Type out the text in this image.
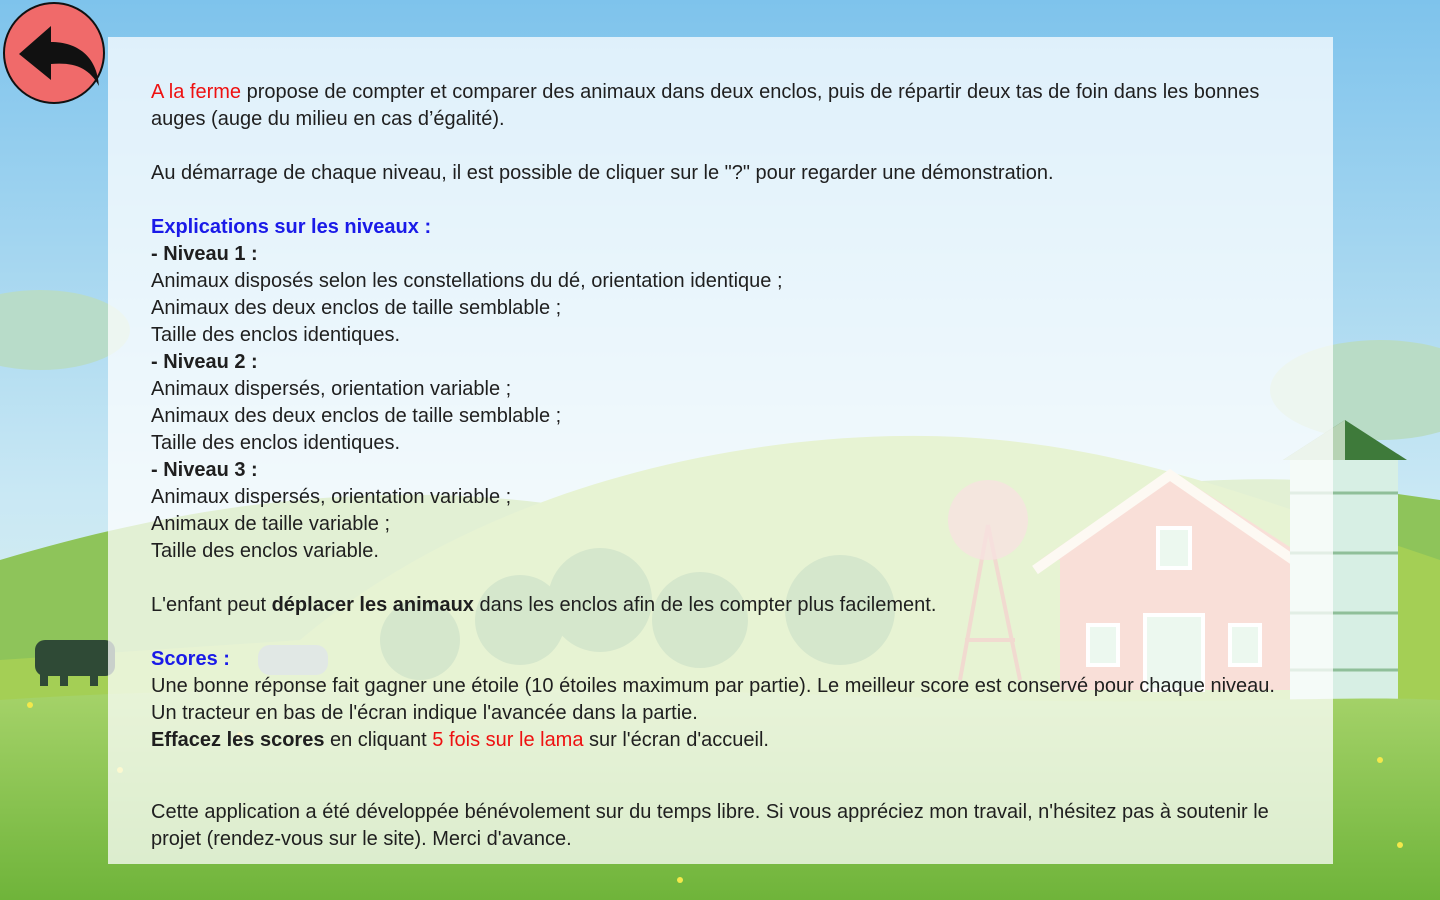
A la ferme propose de compter et comparer des animaux dans deux enclos, puis de répartir deux tas de foin dans les bonnes auges (auge du milieu en cas d’égalité).

Au démarrage de chaque niveau, il est possible de cliquer sur le "?" pour regarder une démonstration.

Explications sur les niveaux :
- Niveau 1 :
Animaux disposés selon les constellations du dé, orientation identique ;
Animaux des deux enclos de taille semblable ;
Taille des enclos identiques.
- Niveau 2 :
Animaux dispersés, orientation variable ;
Animaux des deux enclos de taille semblable ;
Taille des enclos identiques.
- Niveau 3 :
Animaux dispersés, orientation variable ;
Animaux de taille variable ;
Taille des enclos variable.

L'enfant peut déplacer les animaux dans les enclos afin de les compter plus facilement.

Scores :
Une bonne réponse fait gagner une étoile (10 étoiles maximum par partie). Le meilleur score est conservé pour chaque niveau. Un tracteur en bas de l'écran indique l'avancée dans la partie.
Effacez les scores en cliquant 5 fois sur le lama sur l'écran d'accueil.

Cette application a été développée bénévolement sur du temps libre. Si vous appréciez mon travail, n'hésitez pas à soutenir le projet (rendez-vous sur le site). Merci d'avance.
